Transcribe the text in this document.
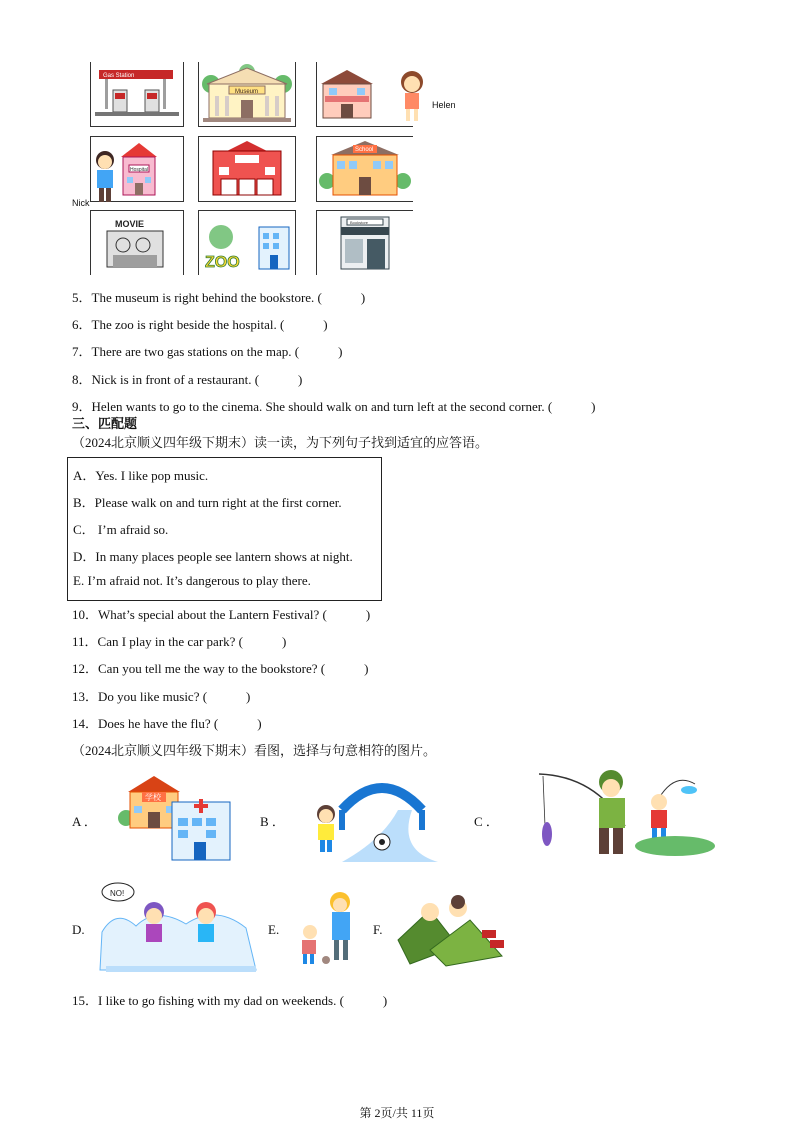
Gas Station
Museum
Hospital
School
MOVIE
ZOO
Bookstore
Helen
Nick
5．The museum is right behind the bookstore. (　　　)
6．The zoo is right beside the hospital. (　　　)
7．There are two gas stations on the map. (　　　)
8．Nick is in front of a restaurant. (　　　)
9．Helen wants to go to the cinema. She should walk on and turn left at the second corner. (　　　)
三、匹配题
（2024北京顺义四年级下期末）读一读，为下列句子找到适宜的应答语。
A．Yes. I like pop music.
B．Please walk on and turn right at the first corner.
C． I’m afraid so.
D．In many places people see lantern shows at night.
E. I’m afraid not. It’s dangerous to play there.
10．What’s special about the Lantern Festival? (　　　)
11．Can I play in the car park? (　　　)
12．Can you tell me the way to the bookstore? (　　　)
13．Do you like music? (　　　)
14．Does he have the flu? (　　　)
（2024北京顺义四年级下期末）看图，选择与句意相符的图片。
A ．
学校
B ．	C ．
D.
NO!
E.	F.
15．I like to go fishing with my dad on weekends. (　　　)
第 2页/共 11页
